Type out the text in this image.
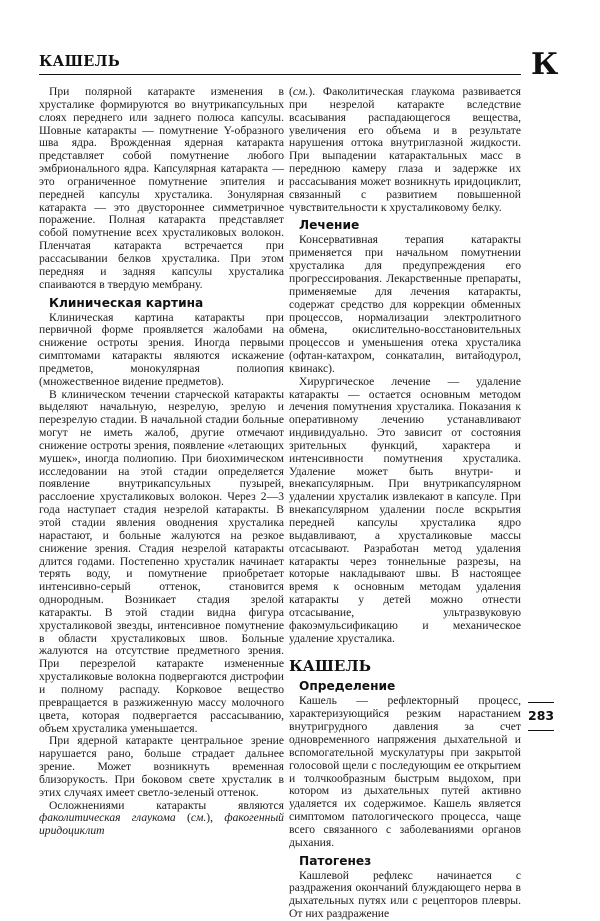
КАШЕЛЬ	К

При полярной катаракте изменения в хрусталике формируются во внутрикапсульных слоях переднего или заднего полюса капсулы. Шовные катаракты — помутнение Y-образного шва ядра. Врожденная ядерная катаракта представляет собой помутнение любого эмбрионального ядра. Капсулярная катаракта — это ограниченное помутнение эпителия и передней капсулы хрусталика. Зонулярная катаракта — это двустороннее симметричное поражение. Полная катаракта представляет собой помутнение всех хрусталиковых волокон. Пленчатая катаракта встречается при рассасывании белков хрусталика. При этом передняя и задняя капсулы хрусталика спаиваются в твердую мембрану.

Клиническая картина

Клиническая картина катаракты при первичной форме проявляется жалобами на снижение остроты зрения. Иногда первыми симптомами катаракты являются искажение предметов, монокулярная полиопия (множественное видение предметов).

В клиническом течении старческой катаракты выделяют начальную, незрелую, зрелую и перезрелую стадии. В начальной стадии больные могут не иметь жалоб, другие отмечают снижение остроты зрения, появление «летающих мушек», иногда полиопию. При биохимическом исследовании на этой стадии определяется появление внутрикапсульных пузырей, расслоение хрусталиковых волокон. Через 2—3 года наступает стадия незрелой катаракты. В этой стадии явления оводнения хрусталика нарастают, и больные жалуются на резкое снижение зрения. Стадия незрелой катаракты длится годами. Постепенно хрусталик начинает терять воду, и помутнение приобретает интенсивно-серый оттенок, становится однородным. Возникает стадия зрелой катаракты. В этой стадии видна фигура хрусталиковой звезды, интенсивное помутнение в области хрусталиковых швов. Больные жалуются на отсутствие предметного зрения. При перезрелой катаракте измененные хрусталиковые волокна подвергаются дистрофии и полному распаду. Корковое вещество превращается в разжиженную массу молочного цвета, которая подвергается рассасыванию, объем хрусталика уменьшается.

При ядерной катаракте центральное зрение нарушается рано, больше страдает дальнее зрение. Может возникнуть временная близорукость. При боковом свете хрусталик в этих случаях имеет светло-зеленый оттенок.

Осложнениями катаракты являются факолитическая глаукома (см.), факогенный иридоциклит

(см.). Факолитическая глаукома развивается при незрелой катаракте вследствие всасывания распадающегося вещества, увеличения его объема и в результате нарушения оттока внутриглазной жидкости. При выпадении катарактальных масс в переднюю камеру глаза и задержке их рассасывания может возникнуть иридоциклит, связанный с развитием повышенной чувствительности к хрусталиковому белку.

Лечение

Консервативная терапия катаракты применяется при начальном помутнении хрусталика для предупреждения его прогрессирования. Лекарственные препараты, применяемые для лечения катаракты, содержат средство для коррекции обменных процессов, нормализации электролитного обмена, окислительно-восстановительных процессов и уменьшения отека хрусталика (офтан-катахром, сонкаталин, витайодурол, квинакс).

Хирургическое лечение — удаление катаракты — остается основным методом лечения помутнения хрусталика. Показания к оперативному лечению устанавливают индивидуально. Это зависит от состояния зрительных функций, характера и интенсивности помутнения хрусталика. Удаление может быть внутри- и внекапсулярным. При внутрикапсулярном удалении хрусталик извлекают в капсуле. При внекапсулярном удалении после вскрытия передней капсулы хрусталика ядро выдавливают, а хрусталиковые массы отсасывают. Разработан метод удаления катаракты через тоннельные разрезы, на которые накладывают швы. В настоящее время к основным методам удаления катаракты у детей можно отнести отсасывание, ультразвуковую факоэмульсификацию и механическое удаление хрусталика.

КАШЕЛЬ
Определение

Кашель — рефлекторный процесс, характеризующийся резким нарастанием внутригрудного давления за счет одновременного напряжения дыхательной и вспомогательной мускулатуры при закрытой голосовой щели с последующим ее открытием и толчкообразным быстрым выдохом, при котором из дыхательных путей активно удаляется их содержимое. Кашель является симптомом патологического процесса, чаще всего связанного с заболеваниями органов дыхания.

Патогенез

Кашлевой рефлекс начинается с раздражения окончаний блуждающего нерва в дыхательных путях или с рецепторов плевры. От них раздражение

283
